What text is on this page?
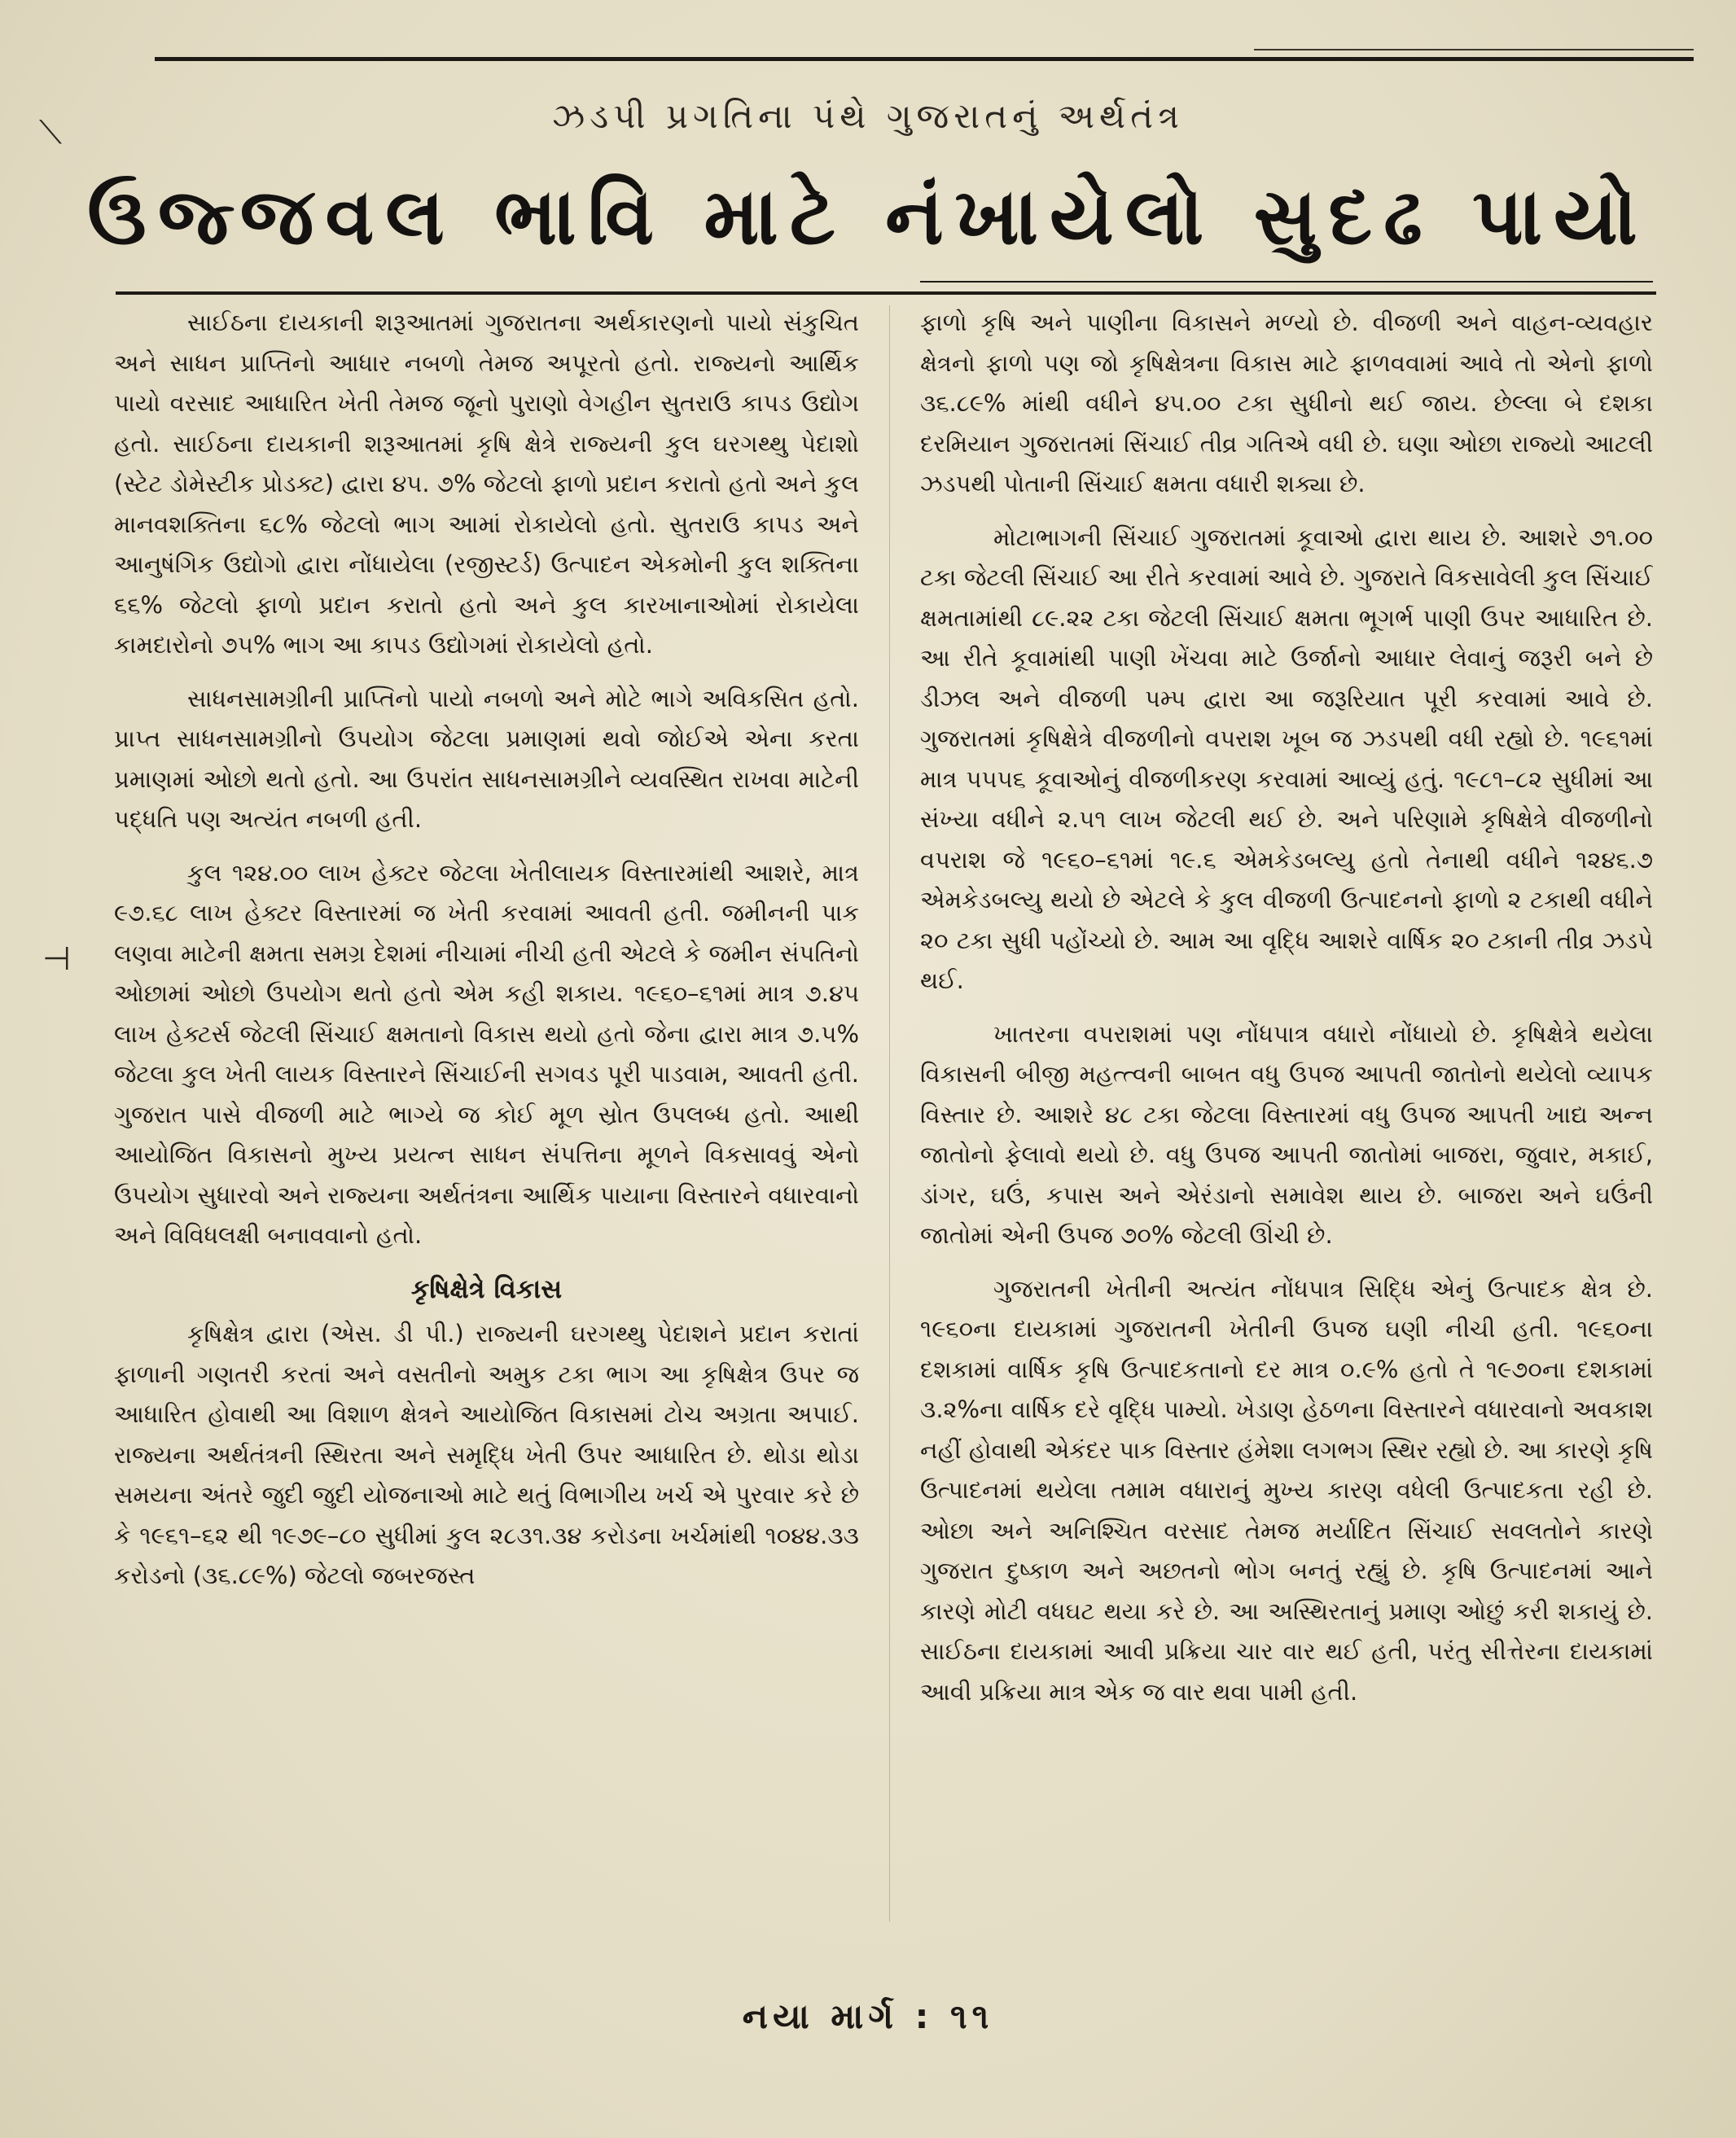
⟍
⊣
ઝડપી પ્રગતિના પંથે ગુજરાતનું અર્થતંત્ર
ઉજ્જવલ ભાવિ માટે નંખાયેલો સુદઢ પાયો

સાઈઠના દાયકાની શરૂઆતમાં ગુજરાતના અર્થકારણનો પાયો સંકુચિત અને સાધન પ્રાપ્તિનો આધાર નબળો તેમજ અપૂરતો હતો. રાજ્યનો આર્થિક પાયો વરસાદ આધારિત ખેતી તેમજ જૂનો પુરાણો વેગહીન સુતરાઉ કાપડ ઉદ્યોગ હતો. સાઈઠના દાયકાની શરૂઆતમાં કૃષિ ક્ષેત્રે રાજ્યની કુલ ઘરગથ્થુ પેદાશો (સ્ટેટ ડોમેસ્ટીક પ્રોડક્ટ) દ્વારા ૪૫. ૭% જેટલો ફાળો પ્રદાન કરાતો હતો અને કુલ માનવશક્તિના ૬૮% જેટલો ભાગ આમાં રોકાયેલો હતો. સુતરાઉ કાપડ અને આનુષંગિક ઉદ્યોગો દ્વારા નોંધાયેલા (રજીસ્ટર્ડ) ઉત્પાદન એકમોની કુલ શક્તિના ૬૬% જેટલો ફાળો પ્રદાન કરાતો હતો અને કુલ કારખાનાઓમાં રોકાયેલા કામદારોનો ૭૫% ભાગ આ કાપડ ઉદ્યોગમાં રોકાયેલો હતો.

સાધનસામગ્રીની પ્રાપ્તિનો પાયો નબળો અને મોટે ભાગે અવિકસિત હતો. પ્રાપ્ત સાધનસામગ્રીનો ઉપયોગ જેટલા પ્રમાણમાં થવો જોઈએ એના કરતા પ્રમાણમાં ઓછો થતો હતો. આ ઉપરાંત સાધનસામગ્રીને વ્યવસ્થિત રાખવા માટેની પદ્ધતિ પણ અત્યંત નબળી હતી.

કુલ ૧૨૪.૦૦ લાખ હેક્ટર જેટલા ખેતીલાયક વિસ્તારમાંથી આશરે, માત્ર ૯૭.૬૮ લાખ હેક્ટર વિસ્તારમાં જ ખેતી કરવામાં આવતી હતી. જમીનની પાક લણવા માટેની ક્ષમતા સમગ્ર દેશમાં નીચામાં નીચી હતી એટલે કે જમીન સંપતિનો ઓછામાં ઓછો ઉપયોગ થતો હતો એમ કહી શકાય. ૧૯૬૦–૬૧માં માત્ર ૭.૪૫ લાખ હેક્ટર્સ જેટલી સિંચાઈ ક્ષમતાનો વિકાસ થયો હતો જેના દ્વારા માત્ર ૭.૫% જેટલા કુલ ખેતી લાયક વિસ્તારને સિંચાઈની સગવડ પૂરી પાડવામ, આવતી હતી. ગુજરાત પાસે વીજળી માટે ભાગ્યે જ કોઈ મૂળ સ્રોત ઉપલબ્ધ હતો. આથી આયોજિત વિકાસનો મુખ્ય પ્રયત્ન સાધન સંપત્તિના મૂળને વિકસાવવું એનો ઉપયોગ સુધારવો અને રાજ્યના અર્થતંત્રના આર્થિક પાયાના વિસ્તારને વધારવાનો અને વિવિધલક્ષી બનાવવાનો હતો.

કૃષિક્ષેત્રે વિકાસ

કૃષિક્ષેત્ર દ્વારા (એસ. ડી પી.) રાજ્યની ઘરગથ્થુ પેદાશને પ્રદાન કરાતાં ફાળાની ગણતરી કરતાં અને વસતીનો અમુક ટકા ભાગ આ કૃષિક્ષેત્ર ઉપર જ આધારિત હોવાથી આ વિશાળ ક્ષેત્રને આયોજિત વિકાસમાં ટોચ અગ્રતા અપાઈ. રાજ્યના અર્થતંત્રની સ્થિરતા અને સમૃદ્ધિ ખેતી ઉપર આધારિત છે. થોડા થોડા સમયના અંતરે જુદી જુદી યોજનાઓ માટે થતું વિભાગીય ખર્ચ એ પુરવાર કરે છે કે ૧૯૬૧–૬૨ થી ૧૯૭૯–૮૦ સુધીમાં કુલ ૨૮૩૧.૩૪ કરોડના ખર્ચમાંથી ૧૦૪૪.૩૩ કરોડનો (૩૬.૮૯%) જેટલો જબરજસ્ત

ફાળો કૃષિ અને પાણીના વિકાસને મળ્યો છે. વીજળી અને વાહન-વ્યવહાર ક્ષેત્રનો ફાળો પણ જો કૃષિક્ષેત્રના વિકાસ માટે ફાળવવામાં આવે તો એનો ફાળો ૩૬.૮૯% માંથી વધીને ૪૫.૦૦ ટકા સુધીનો થઈ જાય. છેલ્લા બે દશકા દરમિયાન ગુજરાતમાં સિંચાઈ તીવ્ર ગતિએ વધી છે. ઘણા ઓછા રાજ્યો આટલી ઝડપથી પોતાની સિંચાઈ ક્ષમતા વધારી શક્યા છે.

મોટાભાગની સિંચાઈ ગુજરાતમાં કૂવાઓ દ્વારા થાય છે. આશરે ૭૧.૦૦ ટકા જેટલી સિંચાઈ આ રીતે કરવામાં આવે છે. ગુજરાતે વિકસાવેલી કુલ સિંચાઈ ક્ષમતામાંથી ૮૯.૨૨ ટકા જેટલી સિંચાઈ ક્ષમતા ભૂગર્ભ પાણી ઉપર આધારિત છે. આ રીતે કૂવામાંથી પાણી ખેંચવા માટે ઉર્જાનો આધાર લેવાનું જરૂરી બને છે ડીઝલ અને વીજળી પમ્પ દ્વારા આ જરૂરિયાત પૂરી કરવામાં આવે છે. ગુજરાતમાં કૃષિક્ષેત્રે વીજળીનો વપરાશ ખૂબ જ ઝડપથી વધી રહ્યો છે. ૧૯૬૧માં માત્ર ૫૫૫૬ કૂવાઓનું વીજળીકરણ કરવામાં આવ્યું હતું. ૧૯૮૧–૮૨ સુધીમાં આ સંખ્યા વધીને ૨.૫૧ લાખ જેટલી થઈ છે. અને પરિણામે કૃષિક્ષેત્રે વીજળીનો વપરાશ જે ૧૯૬૦–૬૧માં ૧૯.૬ એમકેડબલ્યુ હતો તેનાથી વધીને ૧૨૪૬.૭ એમકેડબલ્યુ થયો છે એટલે કે કુલ વીજળી ઉત્પાદનનો ફાળો ૨ ટકાથી વધીને ૨૦ ટકા સુધી પહોંચ્યો છે. આમ આ વૃદ્ધિ આશરે વાર્ષિક ૨૦ ટકાની તીવ્ર ઝડપે થઈ.

ખાતરના વપરાશમાં પણ નોંધપાત્ર વધારો નોંધાયો છે. કૃષિક્ષેત્રે થયેલા વિકાસની બીજી મહત્ત્વની બાબત વધુ ઉપજ આપતી જાતોનો થયેલો વ્યાપક વિસ્તાર છે. આશરે ૪૮ ટકા જેટલા વિસ્તારમાં વધુ ઉપજ આપતી ખાદ્ય અન્ન જાતોનો ફેલાવો થયો છે. વધુ ઉપજ આપતી જાતોમાં બાજરા, જુવાર, મકાઈ, ડાંગર, ઘઉં, કપાસ અને એરંડાનો સમાવેશ થાય છે. બાજરા અને ઘઉંની જાતોમાં એની ઉપજ ૭૦% જેટલી ઊંચી છે.

ગુજરાતની ખેતીની અત્યંત નોંધપાત્ર સિદ્ધિ એનું ઉત્પાદક ક્ષેત્ર છે. ૧૯૬૦ના દાયકામાં ગુજરાતની ખેતીની ઉપજ ઘણી નીચી હતી. ૧૯૬૦ના દશકામાં વાર્ષિક કૃષિ ઉત્પાદકતાનો દર માત્ર ૦.૯% હતો તે ૧૯૭૦ના દશકામાં ૩.૨%ના વાર્ષિક દરે વૃદ્ધિ પામ્યો. ખેડાણ હેઠળના વિસ્તારને વધારવાનો અવકાશ નહીં હોવાથી એકંદર પાક વિસ્તાર હંમેશા લગભગ સ્થિર રહ્યો છે. આ કારણે કૃષિ ઉત્પાદનમાં થયેલા તમામ વધારાનું મુખ્ય કારણ વધેલી ઉત્પાદકતા રહી છે. ઓછા અને અનિશ્ચિત વરસાદ તેમજ મર્યાદિત સિંચાઈ સવલતોને કારણે ગુજરાત દુષ્કાળ અને અછતનો ભોગ બનતું રહ્યું છે. કૃષિ ઉત્પાદનમાં આને કારણે મોટી વધઘટ થયા કરે છે. આ અસ્થિરતાનું પ્રમાણ ઓછું કરી શકાયું છે. સાઈઠના દાયકામાં આવી પ્રક્રિયા ચાર વાર થઈ હતી, પરંતુ સીત્તેરના દાયકામાં આવી પ્રક્રિયા માત્ર એક જ વાર થવા પામી હતી.

નયા માર્ગ : ૧૧
